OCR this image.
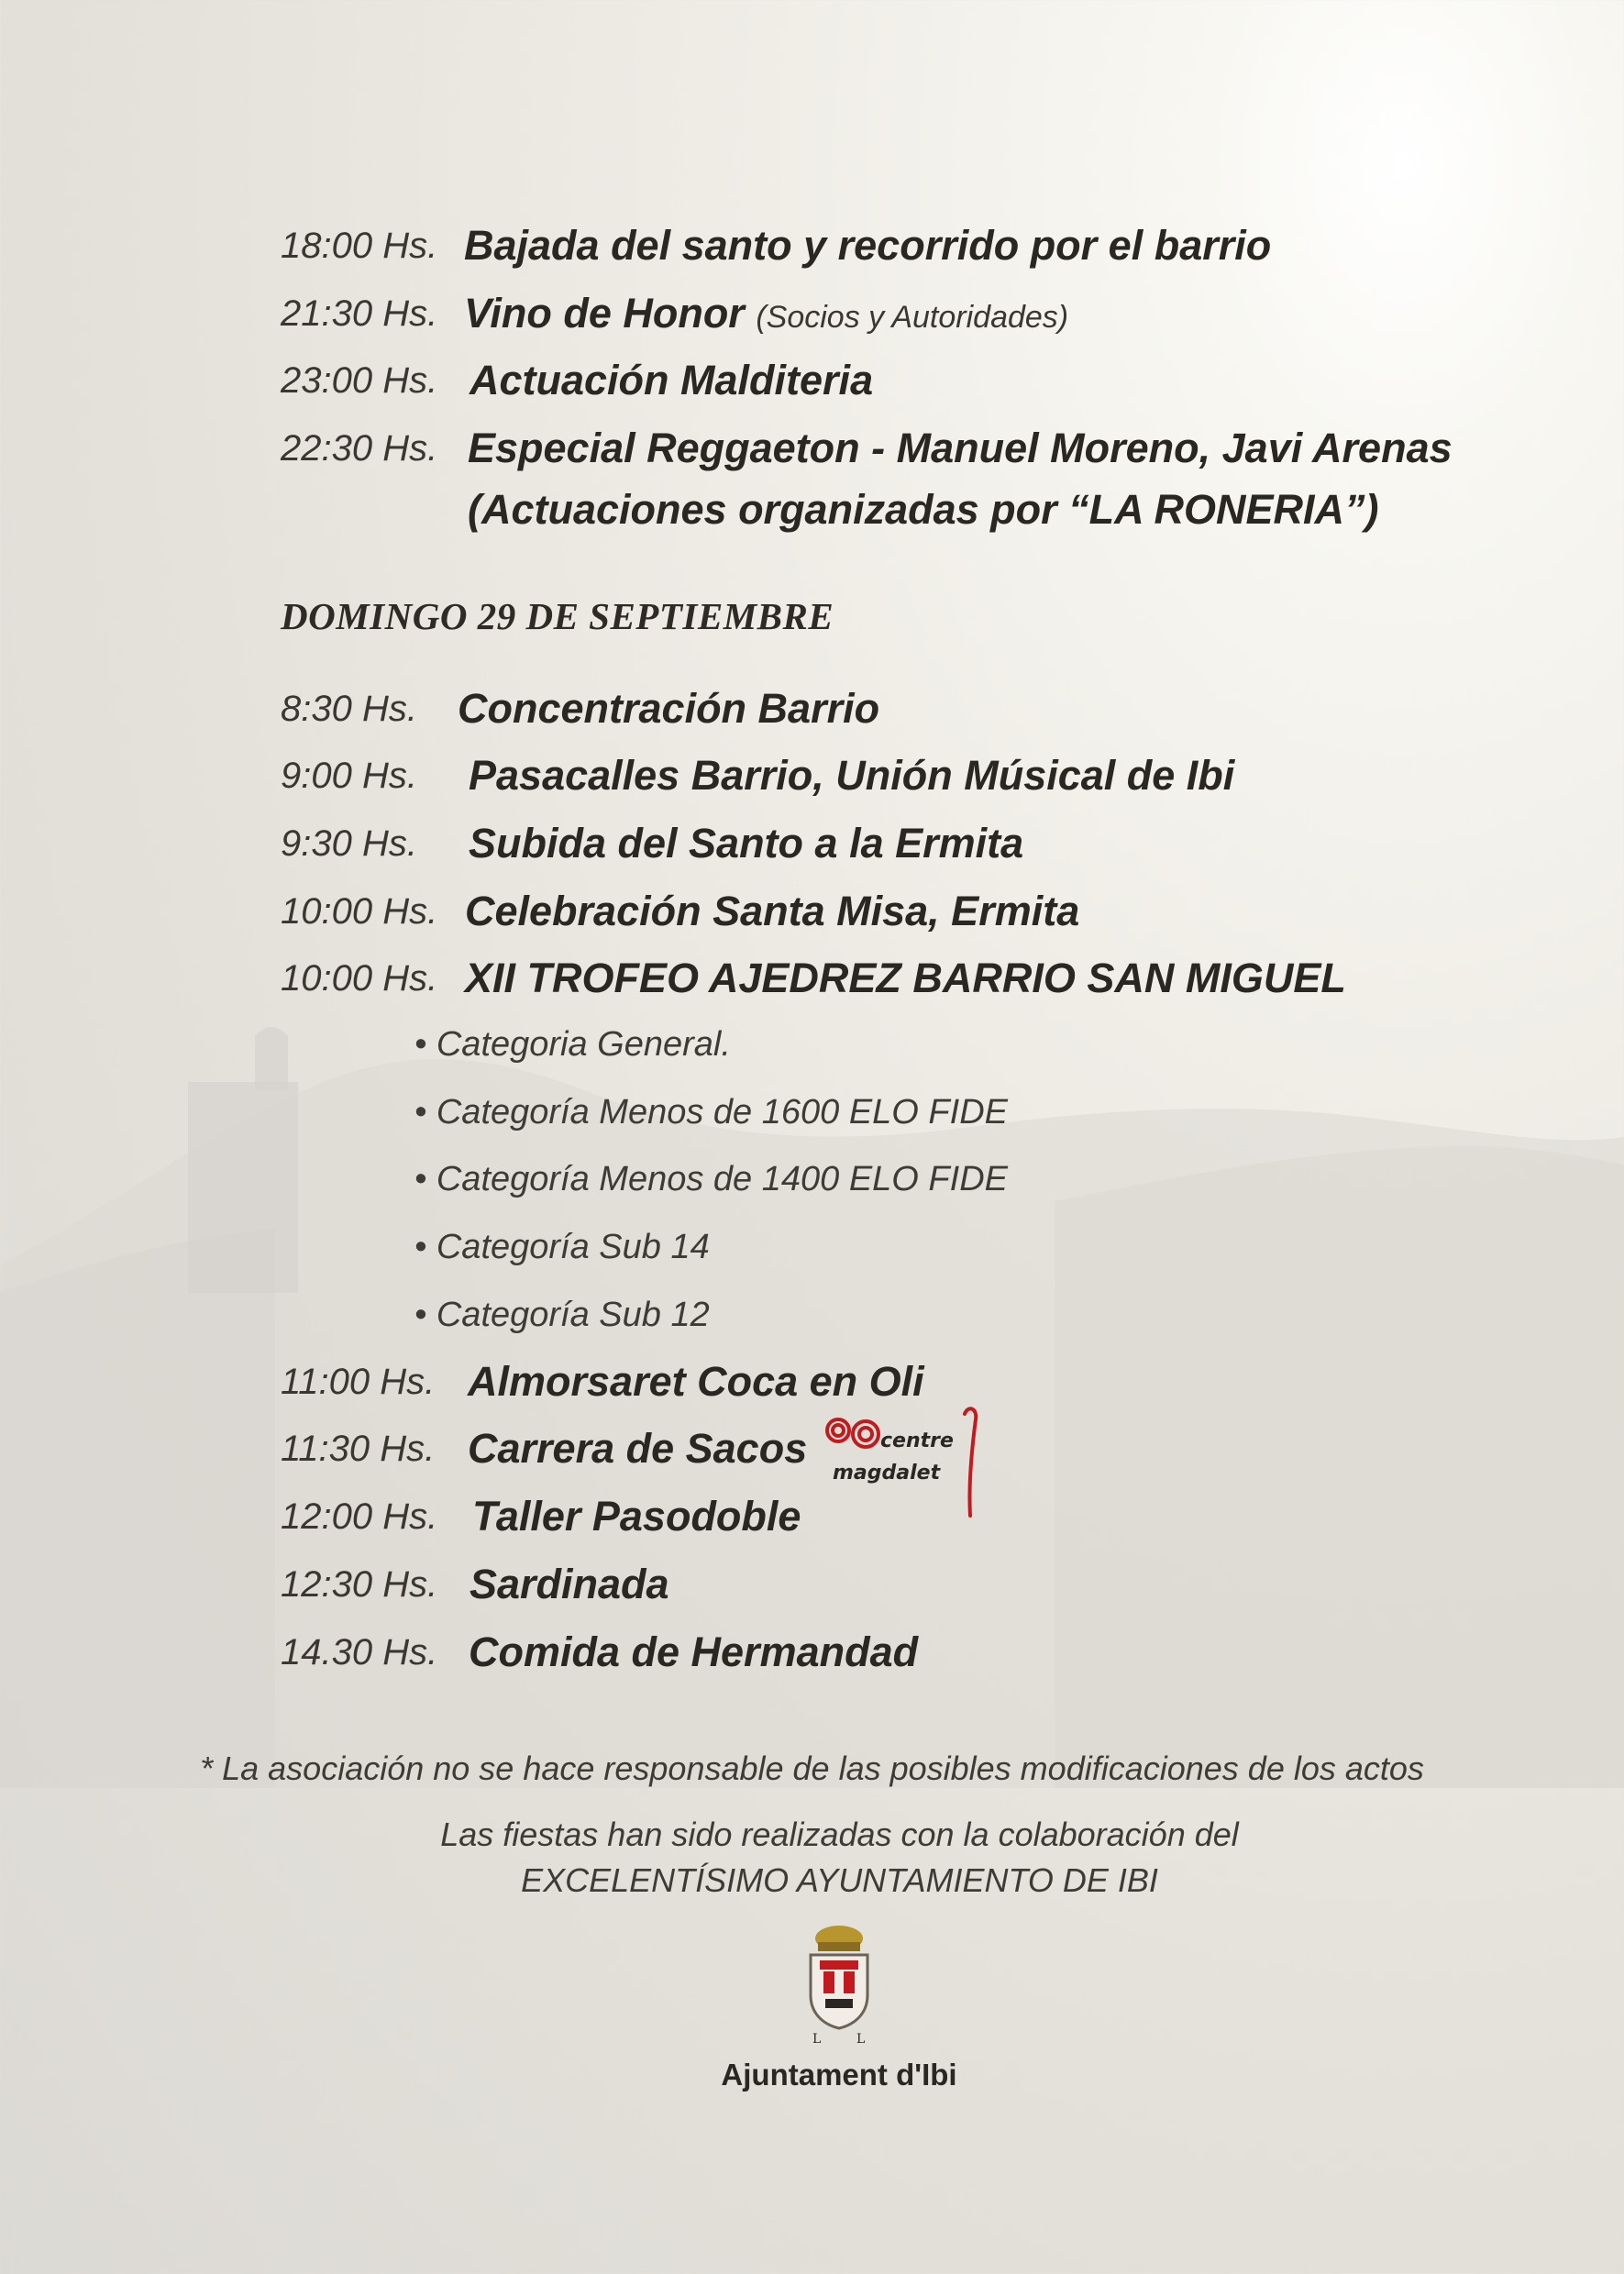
18:00 Hs. Bajada del santo y recorrido por el barrio
21:30 Hs. Vino de Honor (Socios y Autoridades)
23:00 Hs. Actuación Malditeria
22:30 Hs. Especial Reggaeton - Manuel Moreno, Javi Arenas
(Actuaciones organizadas por “LA RONERIA”)
DOMINGO 29 DE SEPTIEMBRE
8:30 Hs. Concentración Barrio
9:00 Hs. Pasacalles Barrio, Unión Músical de Ibi
9:30 Hs. Subida del Santo a la Ermita
10:00 Hs. Celebración Santa Misa, Ermita
10:00 Hs. XII TROFEO AJEDREZ BARRIO SAN MIGUEL
• Categoria General.
• Categoría Menos de 1600 ELO FIDE
• Categoría Menos de 1400 ELO FIDE
• Categoría Sub 14
• Categoría Sub 12
11:00 Hs. Almorsaret Coca en Oli
11:30 Hs. Carrera de Sacos
12:00 Hs. Taller Pasodoble
12:30 Hs. Sardinada
14.30 Hs. Comida de Hermandad
centre
magdalet
* La asociación no se hace responsable de las posibles modificaciones de los actos
Las fiestas han sido realizadas con la colaboración del
EXCELENTÍSIMO AYUNTAMIENTO DE IBI
L	L
Ajuntament d'Ibi
